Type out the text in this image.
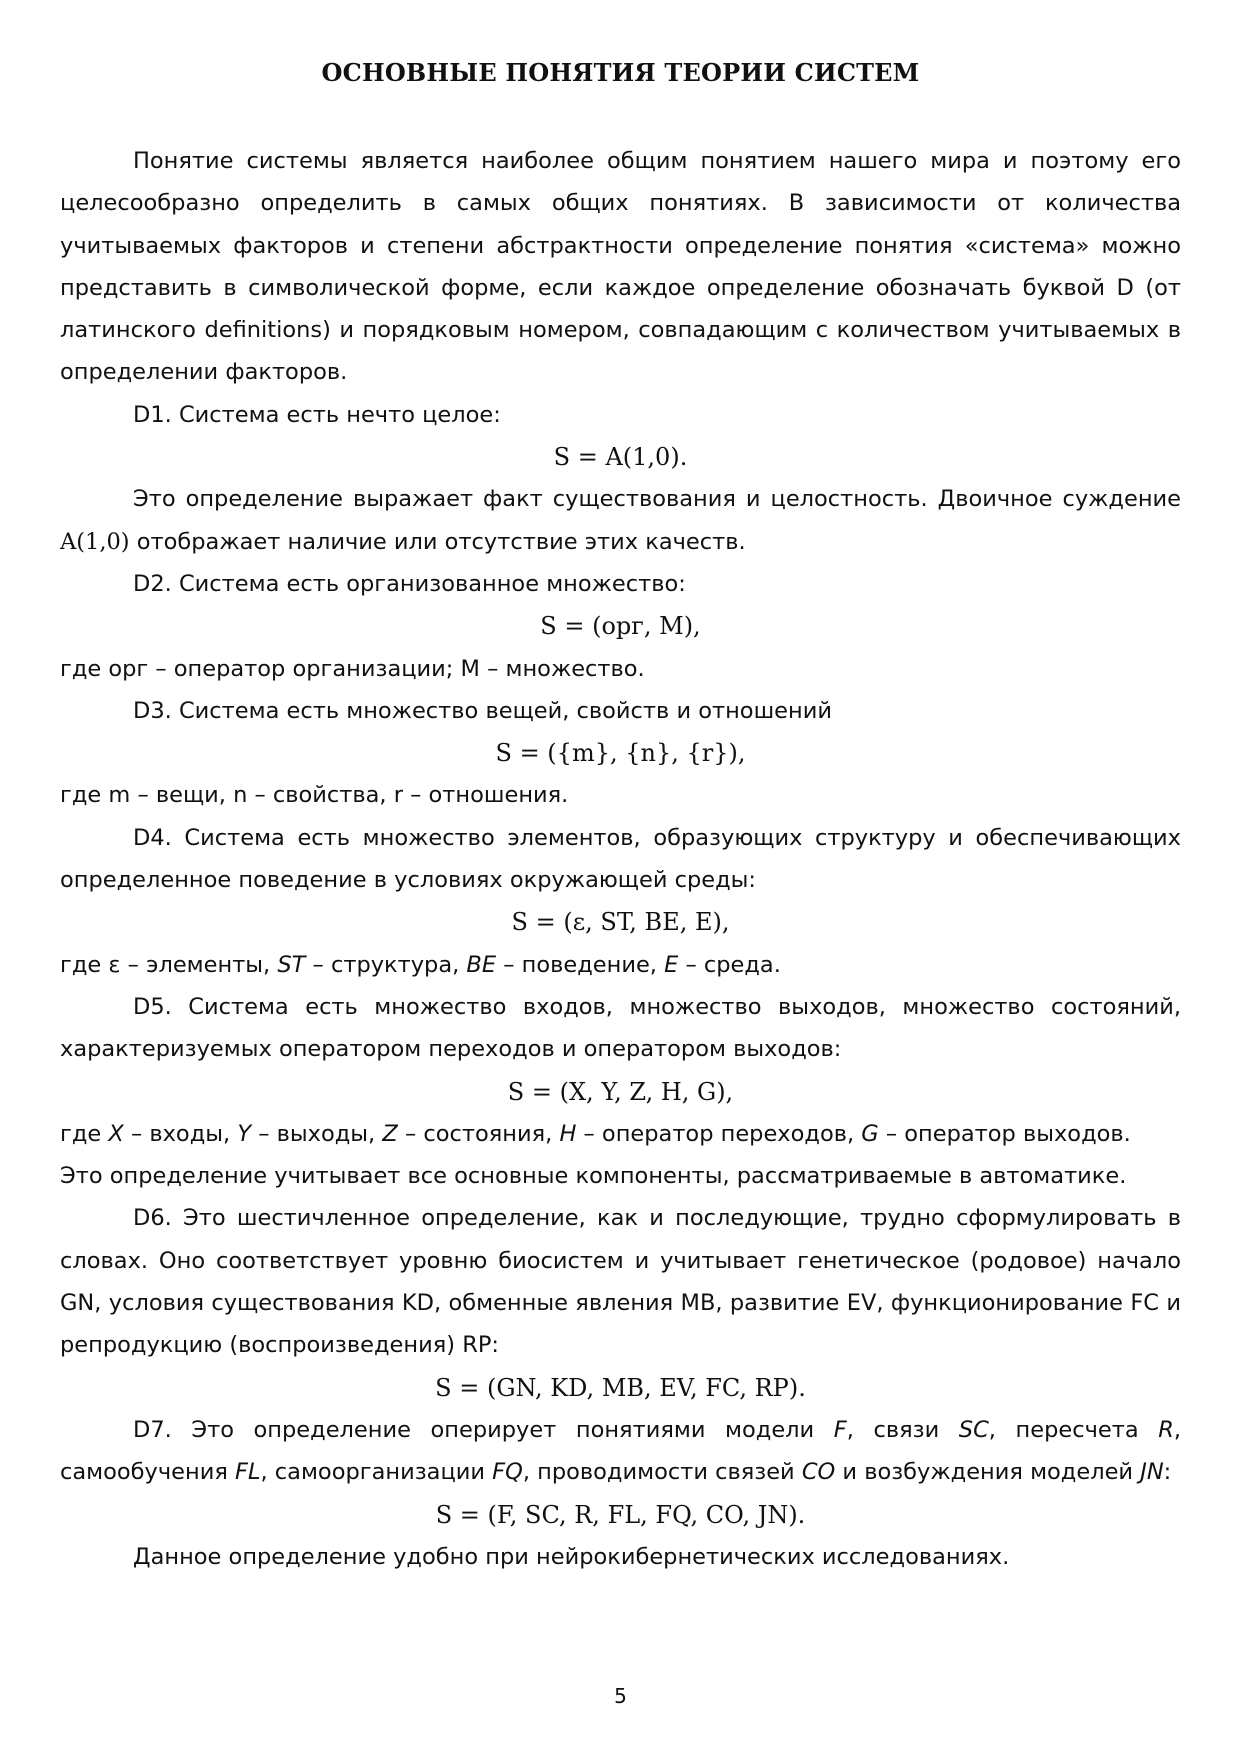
ОСНОВНЫЕ ПОНЯТИЯ ТЕОРИИ СИСТЕМ

Понятие системы является наиболее общим понятием нашего мира и поэтому его целесообразно определить в самых общих понятиях. В зависимости от количества учитываемых факторов и степени абстрактности определение понятия «система» можно представить в символической форме, если каждое определение обозначать буквой D (от латинского definitions) и порядковым номером, совпадающим с количеством учитываемых в определении факторов.

D1. Система есть нечто целое:

S = A(1,0).

Это определение выражает факт существования и целостность. Двоичное суждение A(1,0) отображает наличие или отсутствие этих качеств.

D2. Система есть организованное множество:

S = (орг, M),

где орг – оператор организации; М – множество.

D3. Система есть множество вещей, свойств и отношений

S = ({m}, {n}, {r}),

где m – вещи, n – свойства, r – отношения.

D4. Система есть множество элементов, образующих структуру и обеспечивающих определенное поведение в условиях окружающей среды:

S = (ε, ST, BE, E),

где ε – элементы, ST – структура, BE – поведение, E – среда.

D5. Система есть множество входов, множество выходов, множество состояний, характеризуемых оператором переходов и оператором выходов:

S = (X, Y, Z, H, G),

где X – входы, Y – выходы, Z – состояния, H – оператор переходов, G – оператор выходов.

Это определение учитывает все основные компоненты, рассматриваемые в автоматике.

D6. Это шестичленное определение, как и последующие, трудно сформулировать в словах. Оно соответствует уровню биосистем и учитывает генетическое (родовое) начало GN, условия существования KD, обменные явления MB, развитие EV, функционирование FC и репродукцию (воспроизведения) RP:

S = (GN, KD, MB, EV, FC, RP).

D7. Это определение оперирует понятиями модели F, связи SC, пересчета R, самообучения FL, самоорганизации FQ, проводимости связей CO и возбуждения моделей JN:

S = (F, SC, R, FL, FQ, CO, JN).

Данное определение удобно при нейрокибернетических исследованиях.

5
